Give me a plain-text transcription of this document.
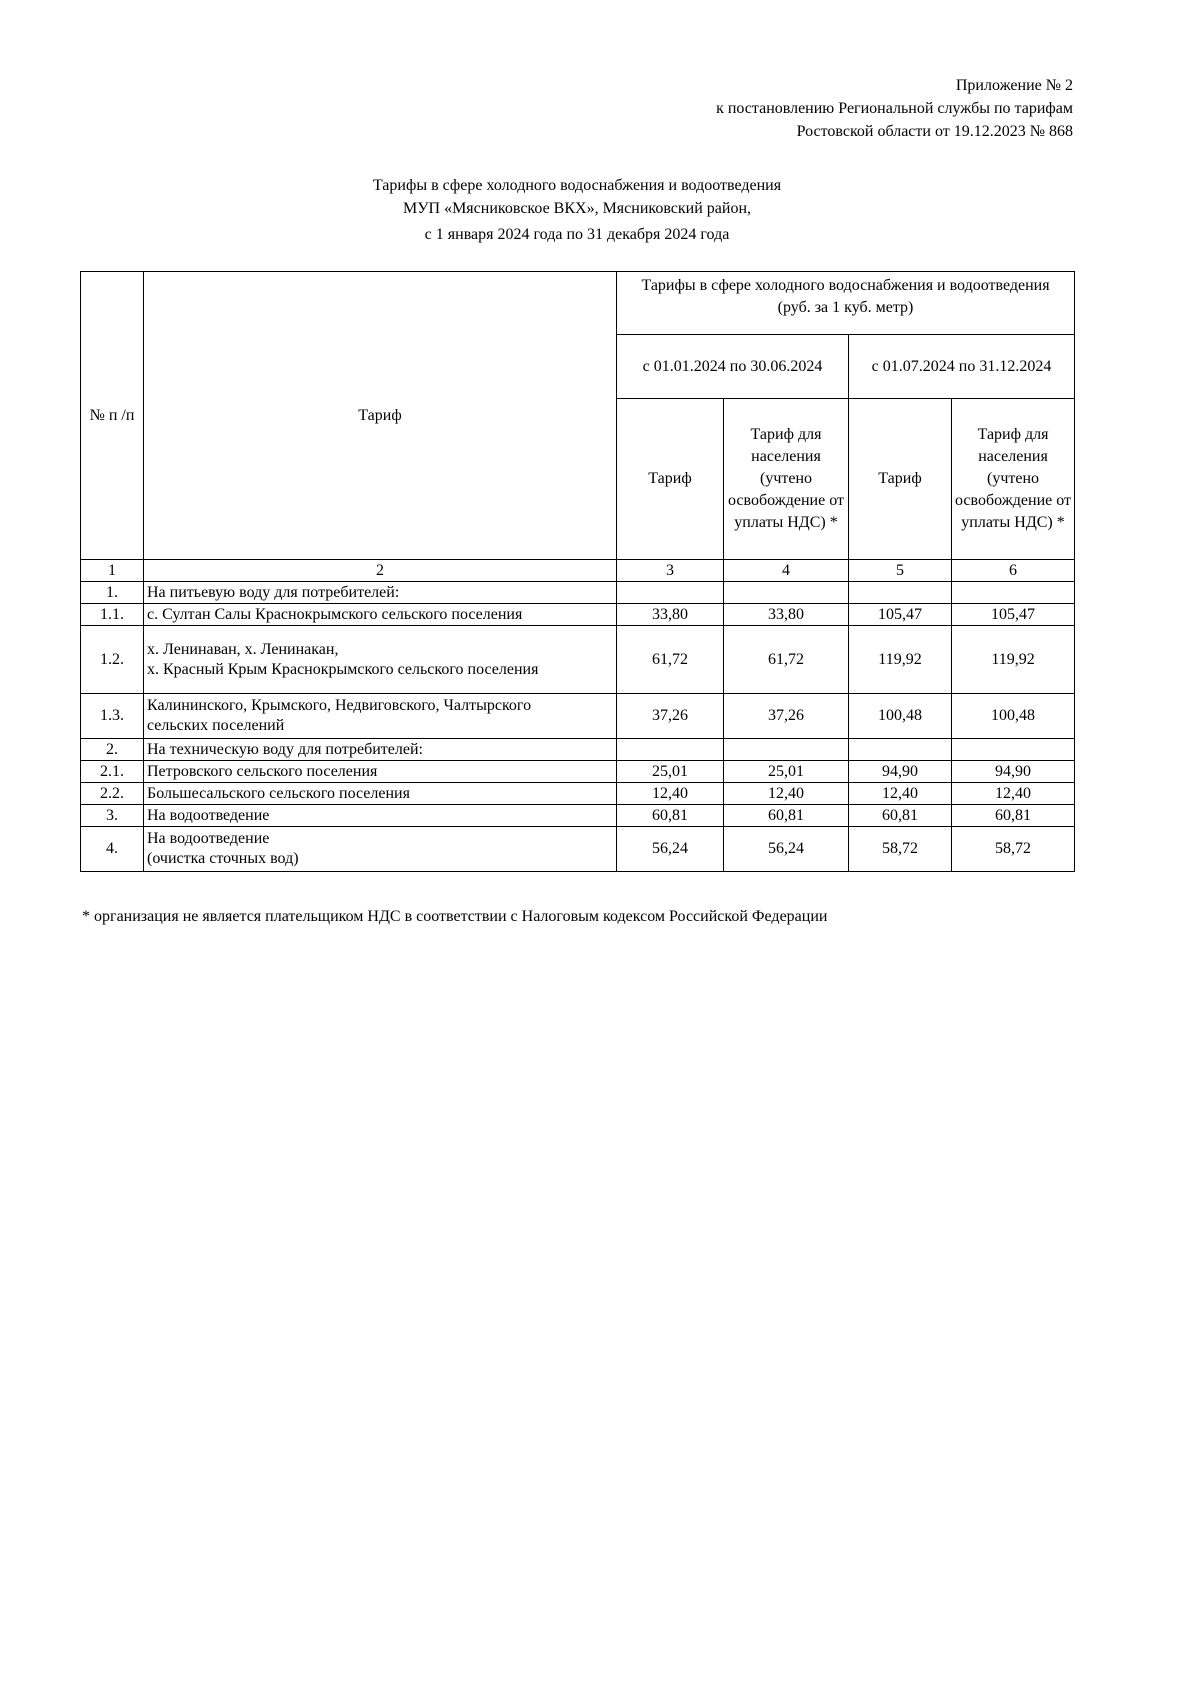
Приложение № 2
к постановлению Региональной службы по тарифам
Ростовской области от 19.12.2023 № 868
Тарифы в сфере холодного водоснабжения и водоотведения
МУП «Мясниковское ВКХ», Мясниковский район,
с 1 января 2024 года по 31 декабря 2024 года
№ п /п	Тариф	Тарифы в сфере холодного водоснабжения и водоотведения
(руб. за 1 куб. метр)			

		с 01.01.2024 по 30.06.2024		с 01.07.2024 по 31.12.2024	
		Тариф	Тариф для населения (учтено освобождение от уплаты НДС) *	Тариф	Тариф для населения (учтено освобождение от уплаты НДС) *
1	2	3	4	5	6
1.	На питьевую воду для потребителей:				
1.1.	с. Султан Салы Краснокрымского сельского поселения	33,80	33,80	105,47	105,47
1.2.	х. Ленинаван, х. Ленинакан,
х. Красный Крым Краснокрымского сельского поселения	61,72	61,72	119,92	119,92
1.3.	Калининского, Крымского, Недвиговского, Чалтырского
сельских поселений	37,26	37,26	100,48	100,48
2.	На техническую воду для потребителей:				
2.1.	Петровского сельского поселения	25,01	25,01	94,90	94,90
2.2.	Большесальского сельского поселения	12,40	12,40	12,40	12,40
3.	На водоотведение	60,81	60,81	60,81	60,81
4.	На водоотведение
(очистка сточных вод)	56,24	56,24	58,72	58,72
* организация не является плательщиком НДС в соответствии с Налоговым кодексом Российской Федерации
